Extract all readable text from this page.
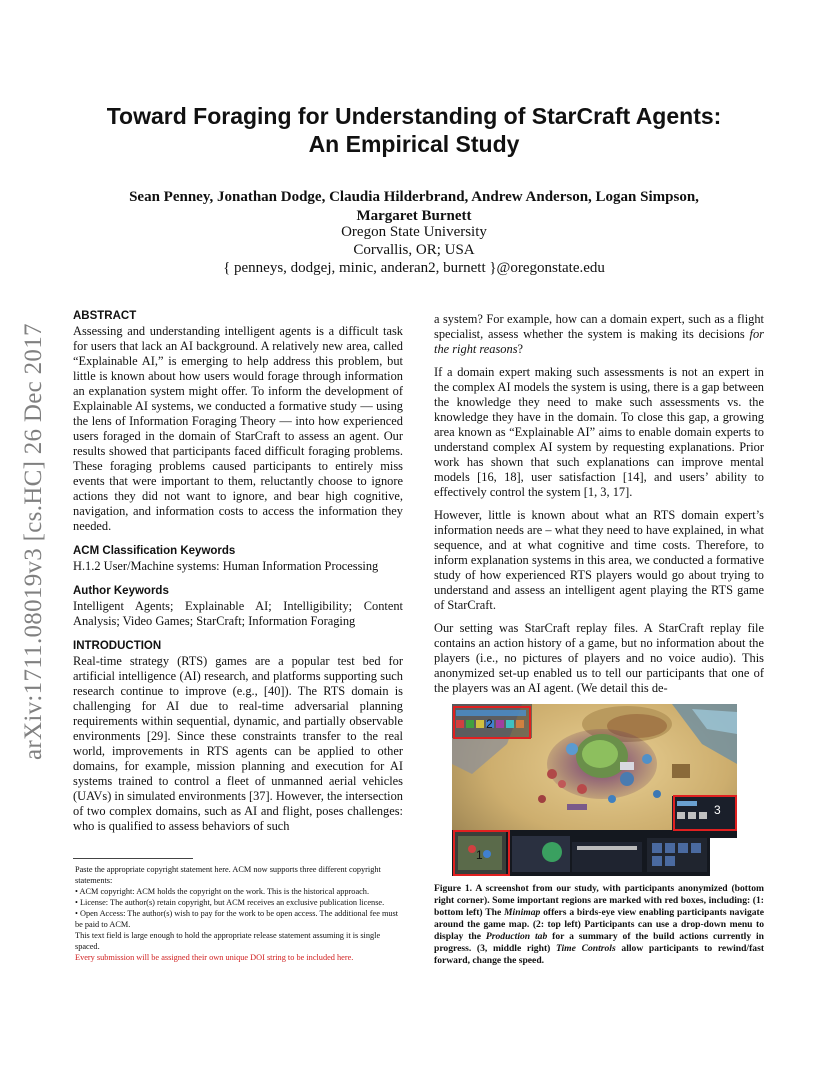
arXiv:1711.08019v3 [cs.HC] 26 Dec 2017
Toward Foraging for Understanding of StarCraft Agents:
An Empirical Study
Sean Penney, Jonathan Dodge, Claudia Hilderbrand, Andrew Anderson, Logan Simpson,
Margaret Burnett
Oregon State University
Corvallis, OR; USA
{ penneys, dodgej, minic, anderan2, burnett }@oregonstate.edu
ABSTRACT

Assessing and understanding intelligent agents is a difficult task for users that lack an AI background. A relatively new area, called “Explainable AI,” is emerging to help address this problem, but little is known about how users would forage through information an explanation system might offer. To inform the development of Explainable AI systems, we conducted a formative study — using the lens of Information Foraging Theory — into how experienced users foraged in the domain of StarCraft to assess an agent. Our results showed that participants faced difficult foraging problems. These foraging problems caused participants to entirely miss events that were important to them, reluctantly choose to ignore actions they did not want to ignore, and bear high cognitive, navigation, and information costs to access the information they needed.

ACM Classification Keywords

H.1.2 User/Machine systems: Human Information Processing

Author Keywords

Intelligent Agents; Explainable AI; Intelligibility; Content Analysis; Video Games; StarCraft; Information Foraging

INTRODUCTION

Real-time strategy (RTS) games are a popular test bed for artificial intelligence (AI) research, and platforms supporting such research continue to improve (e.g., [40]). The RTS domain is challenging for AI due to real-time adversarial planning requirements within sequential, dynamic, and partially observable environments [29]. Since these constraints transfer to the real world, improvements in RTS agents can be applied to other domains, for example, mission planning and execution for AI systems trained to control a fleet of unmanned aerial vehicles (UAVs) in simulated environments [37]. However, the intersection of two complex domains, such as AI and flight, poses challenges: who is qualified to assess behaviors of such

a system? For example, how can a domain expert, such as a flight specialist, assess whether the system is making its decisions for the right reasons?

If a domain expert making such assessments is not an expert in the complex AI models the system is using, there is a gap between the knowledge they need to make such assessments vs. the knowledge they have in the domain. To close this gap, a growing area known as “Explainable AI” aims to enable domain experts to understand complex AI system by requesting explanations. Prior work has shown that such explanations can improve mental models [16, 18], user satisfaction [14], and users’ ability to effectively control the system [1, 3, 17].

However, little is known about what an RTS domain expert’s information needs are – what they need to have explained, in what sequence, and at what cognitive and time costs. Therefore, to inform explanation systems in this area, we conducted a formative study of how experienced RTS players would go about trying to understand and assess an intelligent agent playing the RTS game of StarCraft.

Our setting was StarCraft replay files. A StarCraft replay file contains an action history of a game, but no information about the players (i.e., no pictures of players and no voice audio). This anonymized set-up enabled us to tell our participants that one of the players was an AI agent. (We detail this de-

1
2
3
Figure 1. A screenshot from our study, with participants anonymized (bottom right corner). Some important regions are marked with red boxes, including: (1: bottom left) The Minimap offers a birds-eye view enabling participants navigate around the game map. (2: top left) Participants can use a drop-down menu to display the Production tab for a summary of the build actions currently in progress. (3, middle right) Time Controls allow participants to rewind/fast forward, change the speed.
Paste the appropriate copyright statement here. ACM now supports three different copyright statements:
• ACM copyright: ACM holds the copyright on the work. This is the historical approach.
• License: The author(s) retain copyright, but ACM receives an exclusive publication license.
• Open Access: The author(s) wish to pay for the work to be open access. The additional fee must be paid to ACM.
This text field is large enough to hold the appropriate release statement assuming it is single spaced.
Every submission will be assigned their own unique DOI string to be included here.
